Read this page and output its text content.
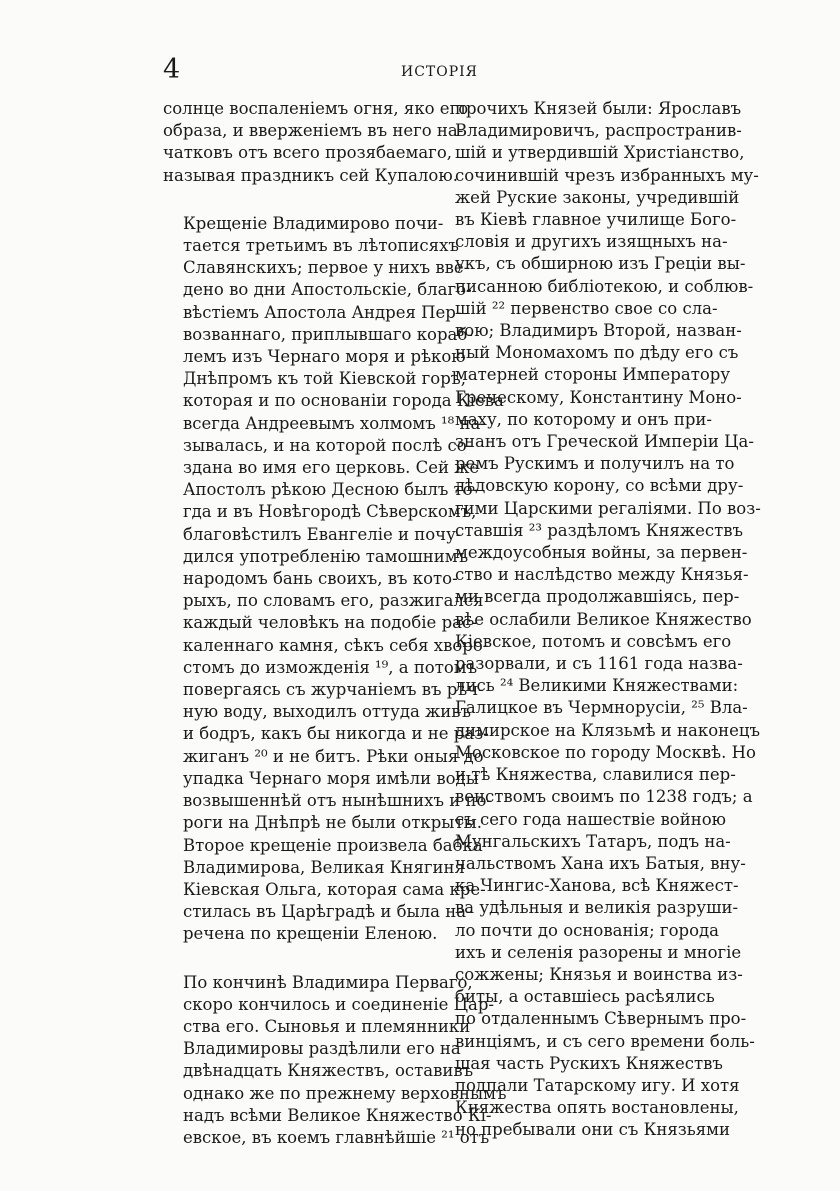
4	ИСТОРІЯ
солнце воспаленіемъ огня, яко его
образа, и вверженіемъ въ него на-
чатковъ отъ всего прозябаемаго,
называя праздникъ сей Купалою.
Крещеніе Владимирово почи-
тается третьимъ въ лѣтописяхъ
Славянскихъ; первое у нихъ вве-
дено во дни Апостольскіе, благо-
вѣстіемъ Апостола Андрея Пер-
возваннаго, приплывшаго кораб-
лемъ изъ Чернаго моря и рѣкою
Днѣпромъ къ той Кіевской горѣ,
которая и по основаніи города Кіева
всегда Андреевымъ холмомъ ¹⁸ на-
зывалась, и на которой послѣ со-
здана во имя его церковь. Сей же
Апостолъ рѣкою Десною былъ то-
гда и въ Новѣгородѣ Сѣверскомъ,
благовѣстилъ Евангеліе и почу-
дился употребленію тамошнимъ
народомъ бань своихъ, въ кото-
рыхъ, по словамъ его, разжигался
каждый человѣкъ на подобіе рас-
каленнаго камня, сѣкъ себя хворо-
стомъ до изможденія ¹⁹, а потомъ
повергаясь съ журчаніемъ въ рѣч-
ную воду, выходилъ оттуда живъ
и бодръ, какъ бы никогда и не раз-
жиганъ ²⁰ и не битъ. Рѣки оныя до
упадка Чернаго моря имѣли воды
возвышеннѣй отъ нынѣшнихъ и по-
роги на Днѣпрѣ не были открыты.
Второе крещеніе произвела бабка
Владимирова, Великая Княгиня
Кіевская Ольга, которая сама кре-
стилась въ Царѣградѣ и была на-
речена по крещеніи Еленою.
По кончинѣ Владимира Перваго,
скоро кончилось и соединеніе Цар-
ства его. Сыновья и племянники
Владимировы раздѣлили его на
двѣнадцать Княжествъ, оставивъ
однако же по прежнему верховнымъ
надъ всѣми Великое Княжество Кі-
евское, въ коемъ главнѣйшіе ²¹ отъ
прочихъ Князей были: Ярославъ
Владимировичъ, распространив-
шій и утвердившій Христіанство,
сочинившій чрезъ избранныхъ му-
жей Руские законы, учредившій
въ Кіевѣ главное училище Бого-
словія и другихъ изящныхъ на-
укъ, съ обширною изъ Греціи вы-
писанною библіотекою, и соблюв-
шій ²² первенство свое со сла-
вою; Владимиръ Второй, назван-
ный Мономахомъ по дѣду его съ
матерней стороны Императору
Греческому, Константину Моно-
маху, по которому и онъ при-
знанъ отъ Греческой Имперіи Ца-
ремъ Рускимъ и получилъ на то
дѣдовскую корону, со всѣми дру-
гими Царскими регаліями. По воз-
ставшія ²³ раздѣломъ Княжествъ
междоусобныя войны, за первен-
ство и наслѣдство между Князья-
ми всегда продолжавшіясь, пер-
вѣе ослабили Великое Княжество
Кіевское, потомъ и совсѣмъ его
разорвали, и съ 1161 года назва-
лись ²⁴ Великими Княжествами:
Галицкое въ Чермнорусіи, ²⁵ Вла-
димирское на Клязьмѣ и наконецъ
Московское по городу Москвѣ. Но
и тѣ Княжества, славилися пер-
венствомъ своимъ по 1238 годъ; а
съ сего года нашествіе войною
Мунгальскихъ Татаръ, подъ на-
чальствомъ Хана ихъ Батыя, вну-
ка Чингис-Ханова, всѣ Княжест-
ва удѣльныя и великія разруши-
ло почти до основанія; города
ихъ и селенія разорены и многіе
сожжены; Князья и воинства из-
биты, а оставшіесь расѣялись
по отдаленнымъ Сѣвернымъ про-
винціямъ, и съ сего времени боль-
шая часть Рускихъ Княжествъ
подпали Татарскому игу. И хотя
Княжества опять востановлены,
но пребывали они съ Князьями
